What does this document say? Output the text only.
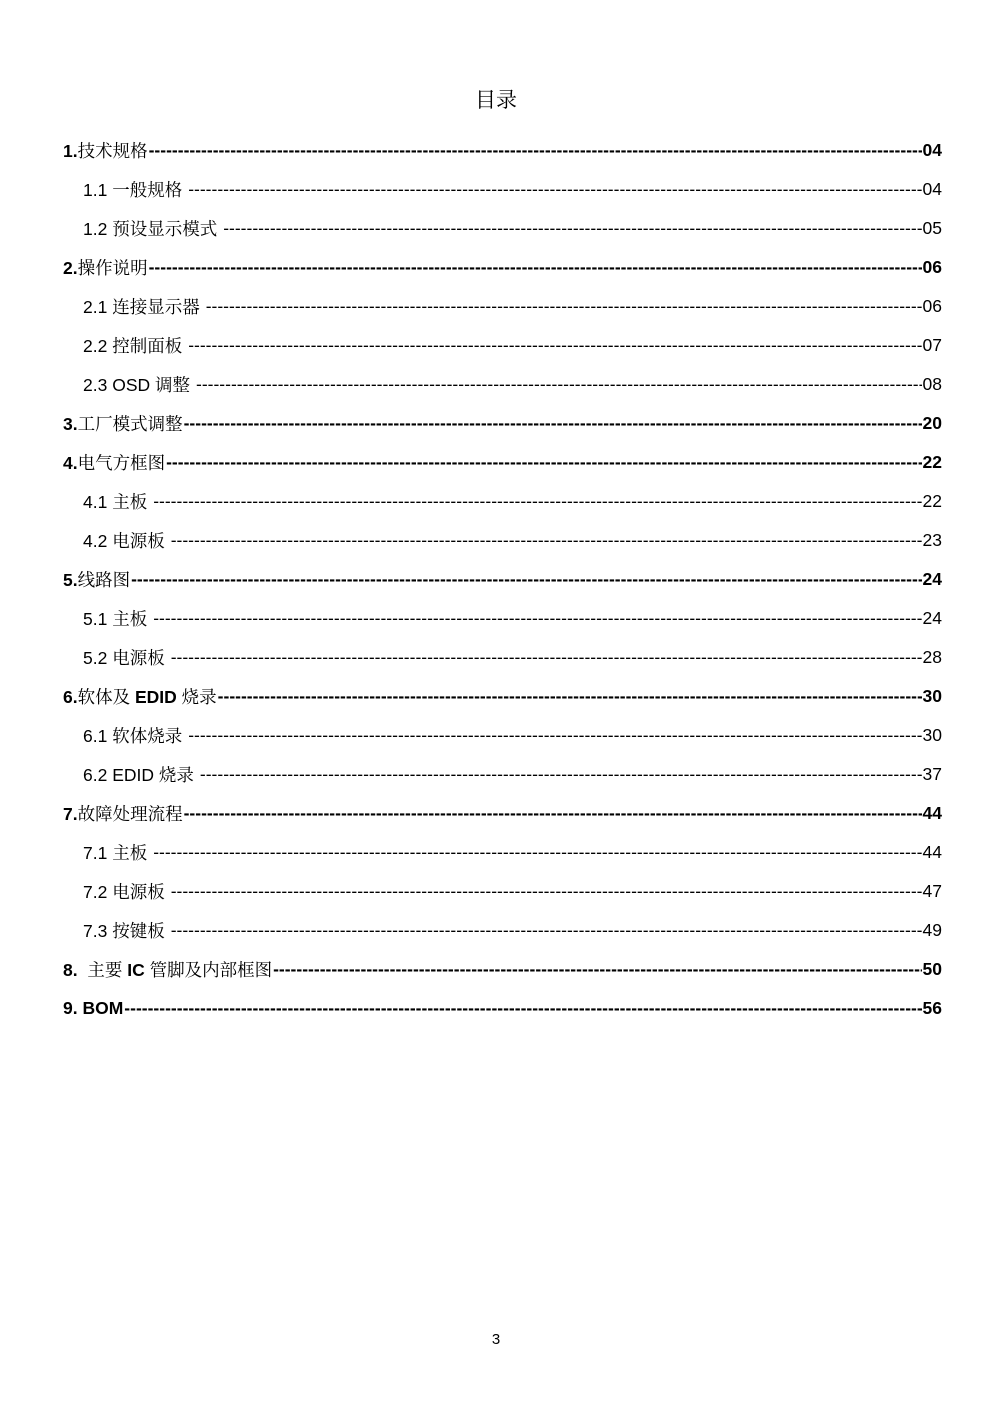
目录
1.技术规格 -----	04
1.1 一般规格 -----	04
1.2 预设显示模式 -----	05
2.操作说明 -----	06
2.1 连接显示器 -----	06
2.2 控制面板 -----	07
2.3 OSD 调整 -----	08
3.工厂模式调整 -----	20
4.电气方框图 -----	22
4.1 主板 -----	22
4.2 电源板 -----	23
5.线路图 -----	24
5.1 主板 -----	24
5.2 电源板 -----	28
6.软体及 EDID 烧录 -----	30
6.1 软体烧录 -----	30
6.2 EDID 烧录 -----	37
7.故障处理流程 -----	44
7.1 主板 -----	44
7.2 电源板 -----	47
7.3 按键板 -----	49
8.  主要 IC 管脚及内部框图 -----	50
9. BOM -----	56
3
